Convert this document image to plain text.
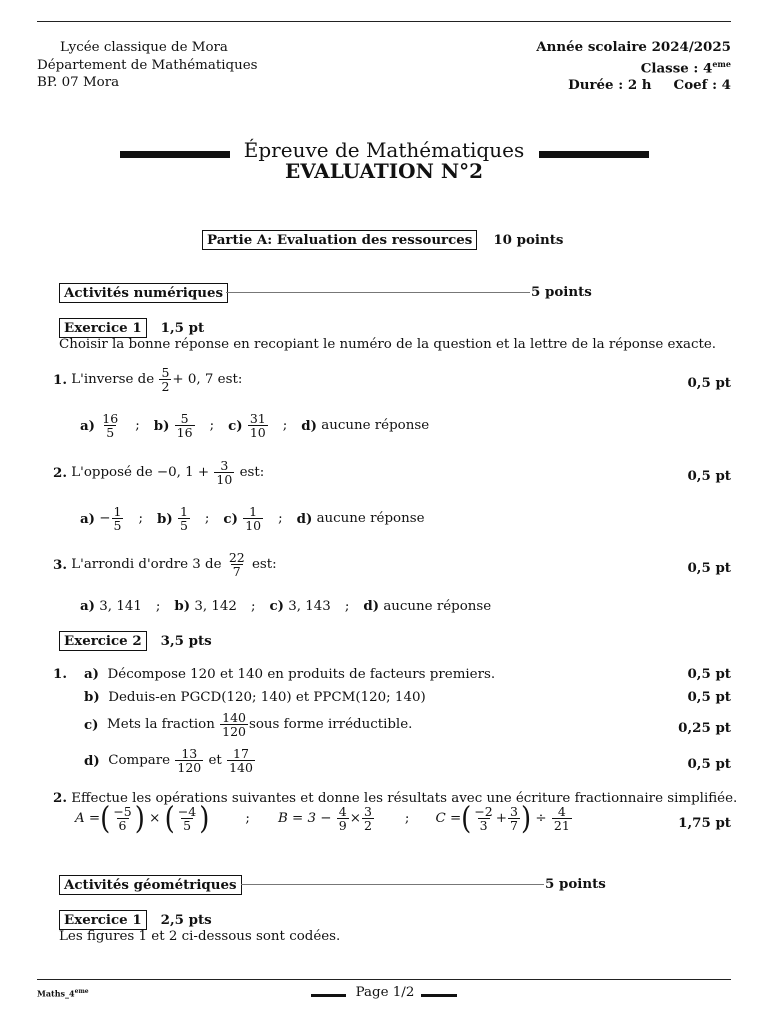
Lycée classique de Mora
Département de Mathématiques
BP. 07 Mora
Année scolaire 2024/2025
Classe : 4eme
Durée : 2 h Coef : 4
Épreuve de Mathématiques
EVALUATION N°2
Partie A: Evaluation des ressources	10 points
Activités numériques	5 points
Exercice 1	1,5 pt
Choisir la bonne réponse en recopiant le numéro de la question et la lettre de la réponse exacte.
1.
L'inverse de
$\frac{5}{2} + 0$, 7 est:	0,5 pt
a)
$\frac{16}{5}$ ; b)
$\frac{5}{16}$ ; c)
$\frac{31}{10}$ ; d)
aucune réponse
2.
L'opposé de −0, 1 +
$\frac{3}{10}$
est:	0,5 pt
a)
− $\frac{1}{5}$ ; b)
$\frac{1}{5}$ ; c)
$\frac{1}{10}$ ; d)
aucune réponse
3.
L'arrondi d'ordre 3 de
$\frac{22}{7}$
est:	0,5 pt
a)
3, 141 ; b)
3, 142 ; c)
3, 143 ; d)
aucune réponse
Exercice 2	3,5 pts
1. a)
Décompose 120 et 140 en produits de facteurs premiers.	0,5 pt
b)
Deduis-en PGCD(120; 140) et PPCM(120; 140)	0,5 pt
c)
Mets la fraction
$\frac{140}{120}$ sous forme irréductible.	0,25 pt
d)
Compare
$\frac{13}{120}$
et
$\frac{17}{140}$	0,5 pt
2.
Effectue les opérations suivantes et donne les résultats avec une écriture fractionnaire simplifiée.
A = ( $\frac{-5}{6}$ )
×
( $\frac{-4}{5}$ )	; B = 3 −
$\frac{4}{9} \times \frac{3}{2}$ ; C = ( $\frac{-2}{3} + \frac{3}{7}$ )
÷
$\frac{4}{21}$	1,75 pt
Activités géométriques	5 points
Exercice 1	2,5 pts
Les figures 1 et 2 ci-dessous sont codées.
Maths_4eme	Page 1/2
